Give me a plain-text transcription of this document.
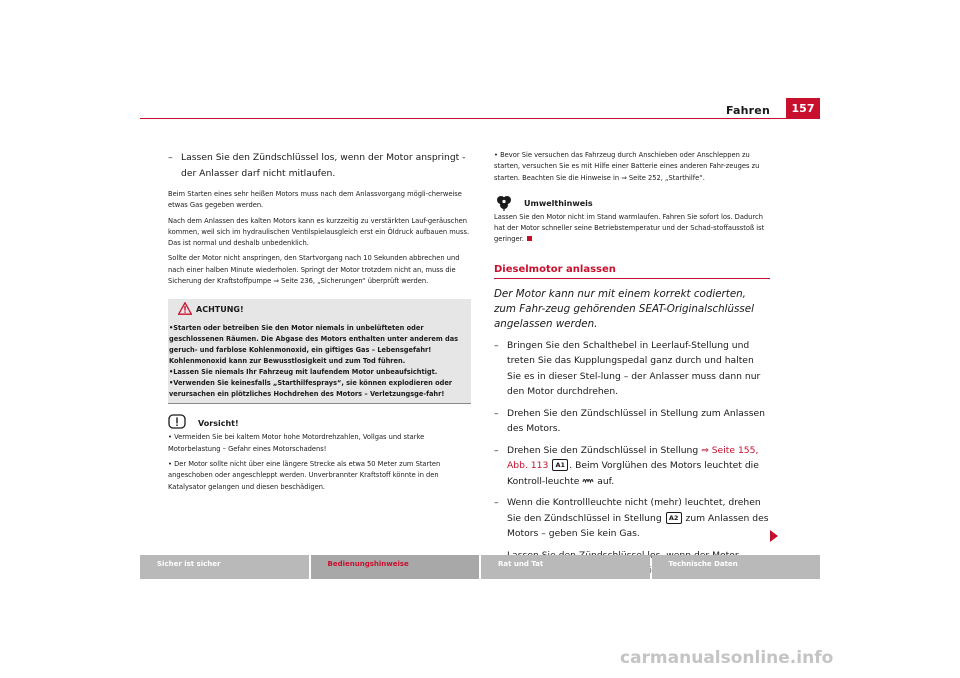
Fahren	157
– Lassen Sie den Zündschlüssel los, wenn der Motor anspringt - der Anlasser darf nicht mitlaufen.

Beim Starten eines sehr heißen Motors muss nach dem Anlassvorgang mögli-cherweise etwas Gas gegeben werden.

Nach dem Anlassen des kalten Motors kann es kurzzeitig zu verstärkten Lauf-geräuschen kommen, weil sich im hydraulischen Ventilspielausgleich erst ein Öldruck aufbauen muss. Das ist normal und deshalb unbedenklich.

Sollte der Motor nicht anspringen, den Startvorgang nach 10 Sekunden abbrechen und nach einer halben Minute wiederholen. Springt der Motor trotzdem nicht an, muss die Sicherung der Kraftstoffpumpe ⇒ Seite 236, „Sicherungen“ überprüft werden.

ACHTUNG!

•Starten oder betreiben Sie den Motor niemals in unbelüfteten oder geschlossenen Räumen. Die Abgase des Motors enthalten unter anderem das geruch- und farblose Kohlenmonoxid, ein giftiges Gas – Lebensgefahr! Kohlenmonoxid kann zur Bewusstlosigkeit und zum Tod führen.

•Lassen Sie niemals Ihr Fahrzeug mit laufendem Motor unbeaufsichtigt.

•Verwenden Sie keinesfalls „Starthilfesprays“, sie können explodieren oder verursachen ein plötzliches Hochdrehen des Motors – Verletzungsge-fahr!

Vorsicht!

• Vermeiden Sie bei kaltem Motor hohe Motordrehzahlen, Vollgas und starke Motorbelastung – Gefahr eines Motorschadens!

• Der Motor sollte nicht über eine längere Strecke als etwa 50 Meter zum Starten angeschoben oder angeschleppt werden. Unverbrannter Kraftstoff könnte in den Katalysator gelangen und diesen beschädigen.

• Bevor Sie versuchen das Fahrzeug durch Anschieben oder Anschleppen zu starten, versuchen Sie es mit Hilfe einer Batterie eines anderen Fahr-zeuges zu starten. Beachten Sie die Hinweise in ⇒ Seite 252, „Starthilfe“.

Umwelthinweis

Lassen Sie den Motor nicht im Stand warmlaufen. Fahren Sie sofort los. Dadurch hat der Motor schneller seine Betriebstemperatur und der Schad-stoffausstoß ist geringer.

Dieselmotor anlassen

Der Motor kann nur mit einem korrekt codierten, zum Fahr-zeug gehörenden SEAT-Originalschlüssel angelassen werden.

– Bringen Sie den Schalthebel in Leerlauf-Stellung und treten Sie das Kupplungspedal ganz durch und halten Sie es in dieser Stel-lung – der Anlasser muss dann nur den Motor durchdrehen.
– Drehen Sie den Zündschlüssel in Stellung zum Anlassen des Motors.
– Drehen Sie den Zündschlüssel in Stellung ⇒ Seite 155, Abb. 113 A1 . Beim Vorglühen des Motors leuchtet die Kontroll-leuchte auf.
– Wenn die Kontrollleuchte nicht (mehr) leuchtet, drehen Sie den Zündschlüssel in Stellung A2 zum Anlassen des Motors – geben Sie kein Gas.
Sicher ist sicher	Bedienungshinweise	Rat und Tat	Technische Daten
carmanualsonline.info
